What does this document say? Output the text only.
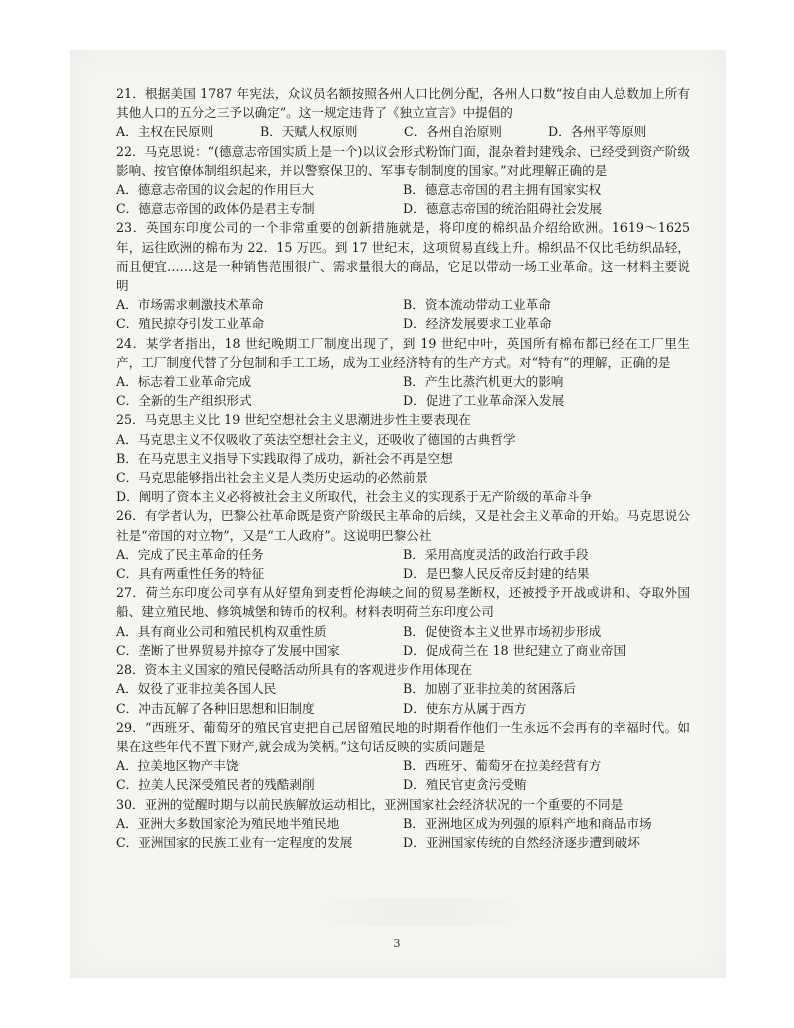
21．根据美国 1787 年宪法，众议员名额按照各州人口比例分配，各州人口数“按自由人总数加上所有其他人口的五分之三予以确定”。这一规定违背了《独立宣言》中提倡的
A．主权在民原则	B．天赋人权原则	C．各州自治原则	D．各州平等原则
22．马克思说：“(德意志帝国实质上是一个)以议会形式粉饰门面，混杂着封建残余、已经受到资产阶级影响、按官僚体制组织起来，并以警察保卫的、军事专制制度的国家。”对此理解正确的是
A．德意志帝国的议会起的作用巨大	B．德意志帝国的君主拥有国家实权
C．德意志帝国的政体仍是君主专制	D．德意志帝国的统治阻碍社会发展
23．英国东印度公司的一个非常重要的创新措施就是，将印度的棉织品介绍给欧洲。1619～1625 年，运往欧洲的棉布为 22．15 万匹。到 17 世纪末，这项贸易直线上升。棉织品不仅比毛纺织品轻，而且便宜……这是一种销售范围很广、需求量很大的商品，它足以带动一场工业革命。这一材料主要说明
A．市场需求刺激技术革命	B．资本流动带动工业革命
C．殖民掠夺引发工业革命	D．经济发展要求工业革命
24．某学者指出，18 世纪晚期工厂制度出现了，到 19 世纪中叶，英国所有棉布都已经在工厂里生产，工厂制度代替了分包制和手工工场，成为工业经济特有的生产方式。对“特有”的理解，正确的是
A．标志着工业革命完成	B．产生比蒸汽机更大的影响
C．全新的生产组织形式	D．促进了工业革命深入发展
25．马克思主义比 19 世纪空想社会主义思潮进步性主要表现在
A．马克思主义不仅吸收了英法空想社会主义，还吸收了德国的古典哲学
B．在马克思主义指导下实践取得了成功，新社会不再是空想
C．马克思能够指出社会主义是人类历史运动的必然前景
D．阐明了资本主义必将被社会主义所取代，社会主义的实现系于无产阶级的革命斗争
26．有学者认为，巴黎公社革命既是资产阶级民主革命的后续，又是社会主义革命的开始。马克思说公社是“帝国的对立物”，又是“工人政府”。这说明巴黎公社
A．完成了民主革命的任务	B．采用高度灵活的政治行政手段
C．具有两重性任务的特征	D．是巴黎人民反帝反封建的结果
27．荷兰东印度公司享有从好望角到麦哲伦海峡之间的贸易垄断权，还被授予开战或讲和、夺取外国船、建立殖民地、修筑城堡和铸币的权利。材料表明荷兰东印度公司
A．具有商业公司和殖民机构双重性质	B．促使资本主义世界市场初步形成
C．垄断了世界贸易并掠夺了发展中国家	D．促成荷兰在 18 世纪建立了商业帝国
28．资本主义国家的殖民侵略活动所具有的客观进步作用体现在
A．奴役了亚非拉美各国人民	B．加剧了亚非拉美的贫困落后
C．冲击瓦解了各种旧思想和旧制度	D．使东方从属于西方
29．“西班牙、葡萄牙的殖民官吏把自己居留殖民地的时期看作他们一生永远不会再有的幸福时代。如果在这些年代不置下财产,就会成为笑柄。”这句话反映的实质问题是
A．拉美地区物产丰饶	B．西班牙、葡萄牙在拉美经营有方
C．拉美人民深受殖民者的残酷剥削	D．殖民官吏贪污受贿
30．亚洲的觉醒时期与以前民族解放运动相比，亚洲国家社会经济状况的一个重要的不同是
A．亚洲大多数国家沦为殖民地半殖民地	B．亚洲地区成为列强的原料产地和商品市场
C．亚洲国家的民族工业有一定程度的发展	D．亚洲国家传统的自然经济逐步遭到破坏
3
